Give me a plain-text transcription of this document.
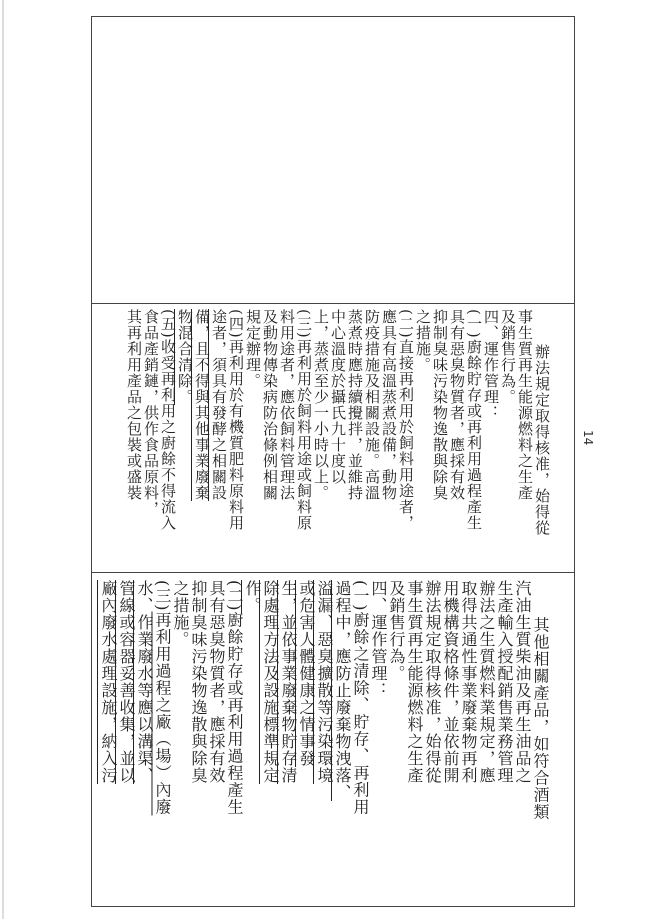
其他相關產品，如符合酒類
汽油生質柴油及再生油品之
生產輸入授配銷售業務管理
辦法之生質燃料業規定，應
取得共通性事業廢棄物再利
用機構資格條件，並依前開
辦法規定取得核准，始得從
事生質再生能源燃料之生產
及銷售行為。
四、運作管理：
(一)廚餘之清除、貯存、再利用
過程中，應防止廢棄物洩落、
溢漏、惡臭擴散等污染環境
或危害人體健康之情事發
生，並依事業廢棄物貯存清
除處理方法及設施標準規定
作。
(二)廚餘貯存或再利用過程產生
具有惡臭物質者，應採有效
抑制臭味污染物逸散與除臭
之措施。
(三)再利用過程之廠（場）內廢
水、作業廢水等應以溝渠、
管線或容器妥善收集，並以
廠內廢水處理設施，納入污

辦法規定取得核准，始得從
事生質再生能源燃料之生產
及銷售行為。
四、運作管理：
(一)廚餘貯存或再利用過程產生
具有惡臭物質者，應採有效
抑制臭味污染物逸散與除臭
之措施。
(二)直接再利用於飼料用途者，
應具有高溫蒸煮設備，動物
防疫措施及相關設施。高溫
蒸煮時應持續攪拌，並維持
中心溫度於攝氏九十度以
上，蒸煮至少一小時以上。
(三)再利用於飼料用途或飼料原
料用途者，應依飼料管理法
及動物傳染病防治條例相關
規定辦理。
(四)再利用於有機質肥料原料用
途者，須具有發酵之相關設
備，且不得與其他事業廢棄
物混合清除。
(五)收受再利用之廚餘不得流入
食品產銷鏈，供作食品原料，
其再利用產品之包裝或盛裝
	14
